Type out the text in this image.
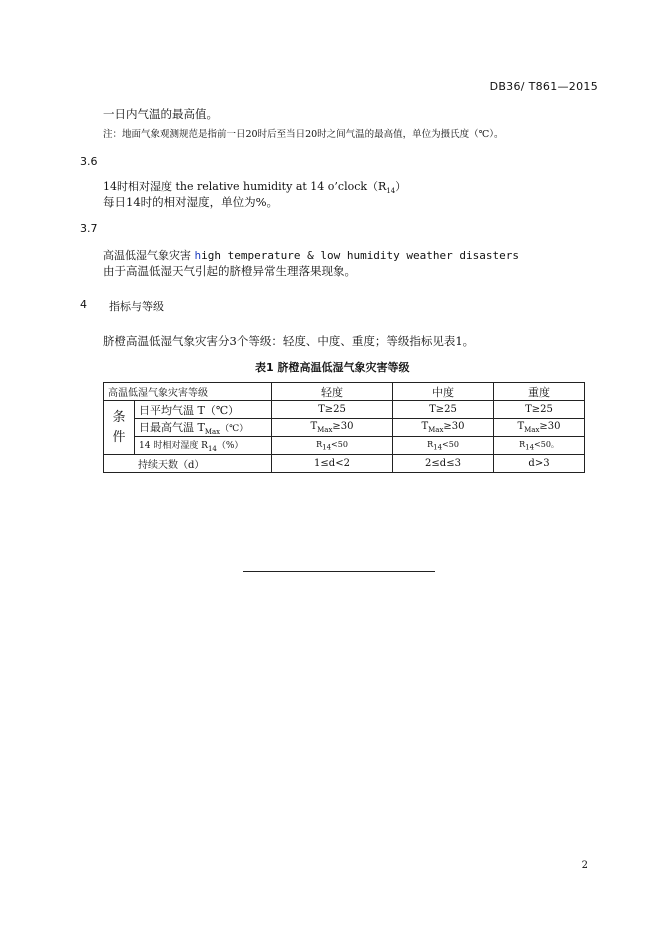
DB36/ T861—2015
一日内气温的最高值。
注：地面气象观测规范是指前一日20时后至当日20时之间气温的最高值，单位为摄氏度（℃）。
3.6
14时相对湿度 the relative humidity at 14 $o’clock(R_{14})$
每日14时的相对湿度，单位为%。
3.7
高温低湿气象灾害 high temperature & low humidity weather disasters
由于高温低湿天气引起的脐橙异常生理落果现象。
4 指标与等级
脐橙高温低湿气象灾害分3个等级：轻度、中度、重度；等级指标见表1。
表1 脐橙高温低湿气象灾害等级
高温低湿气象灾害等级		轻度	中度	重度

条
件	日平均气温 T（℃）	T≥25	T≥25	T≥25
	日最高气温 $T_{Max}(℃)$	$T_{Max}\ge 30$	$T_{Max}\ge 30$	$T_{Max}\ge 30$
	14 时相对湿度 $R_{14}(\%)$	$R_{14}<50$	$R_{14}<50$	$R_{14}<50$。
持续天数（d）		1≤d<2	2≤d≤3	d>3
2
